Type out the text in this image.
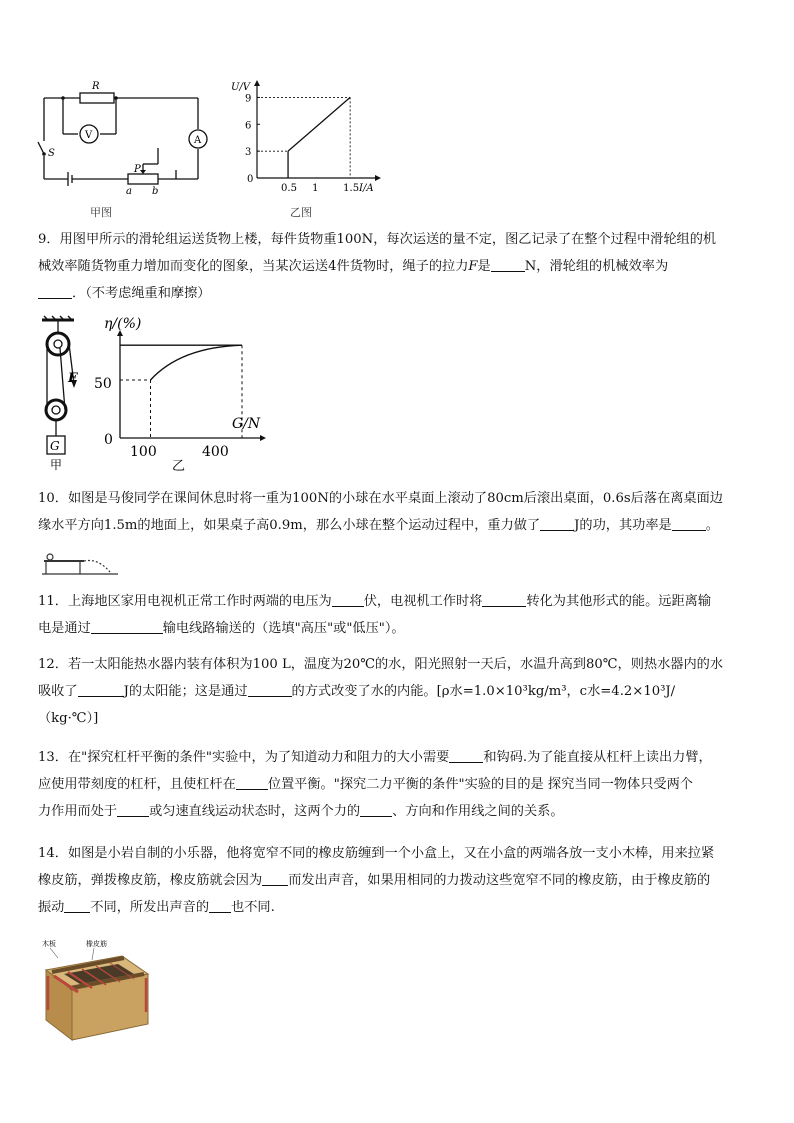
R
V	A
S
P
a b
甲图
0.5 1 1.5
3
6
9
U/V
I/A
0
乙图
9．用图甲所示的滑轮组运送货物上楼，每件货物重100N，每次运送的量不定，图乙记录了在整个过程中滑轮组的机
械效率随货物重力增加而变化的图象，当某次运送4件货物时，绳子的拉力F是	N，滑轮组的机械效率为
．（不考虑绳重和摩擦）
F
G
甲
η/(%)
G/N
50
0
100	400
乙
10．如图是马俊同学在课间休息时将一重为100N的小球在水平桌面上滚动了80cm后滚出桌面，0.6s后落在离桌面边
缘水平方向1.5m的地面上，如果桌子高0.9m，那么小球在整个运动过程中，重力做了	J的功，其功率是	。
11．上海地区家用电视机正常工作时两端的电压为 伏，电视机工作时将	转化为其他形式的能。远距离输
电是通过	输电线路输送的（选填"高压"或"低压"）。
12．若一太阳能热水器内装有体积为100 L，温度为20℃的水，阳光照射一天后，水温升高到80℃，则热水器内的水
吸收了	J的太阳能；这是通过	的方式改变了水的内能。[ρ水=1.0×10³kg/m³，c水=4.2×10³J/
（kg·℃）]
13．在"探究杠杆平衡的条件"实验中，为了知道动力和阻力的大小需要	和钩码.为了能直接从杠杆上读出力臂，
应使用带刻度的杠杆，且使杠杆在 位置平衡。"探究二力平衡的条件"实验的目的是 探究当同一物体只受两个
力作用而处于 或匀速直线运动状态时，这两个力的 、方向和作用线之间的关系。
14．如图是小岩自制的小乐器，他将宽窄不同的橡皮筋缠到一个小盒上，又在小盒的两端各放一支小木棒，用来拉紧
橡皮筋，弹拨橡皮筋，橡皮筋就会因为 而发出声音，如果用相同的力拨动这些宽窄不同的橡皮筋，由于橡皮筋的
振动 不同，所发出声音的 也不同.
木板	橡皮筋
